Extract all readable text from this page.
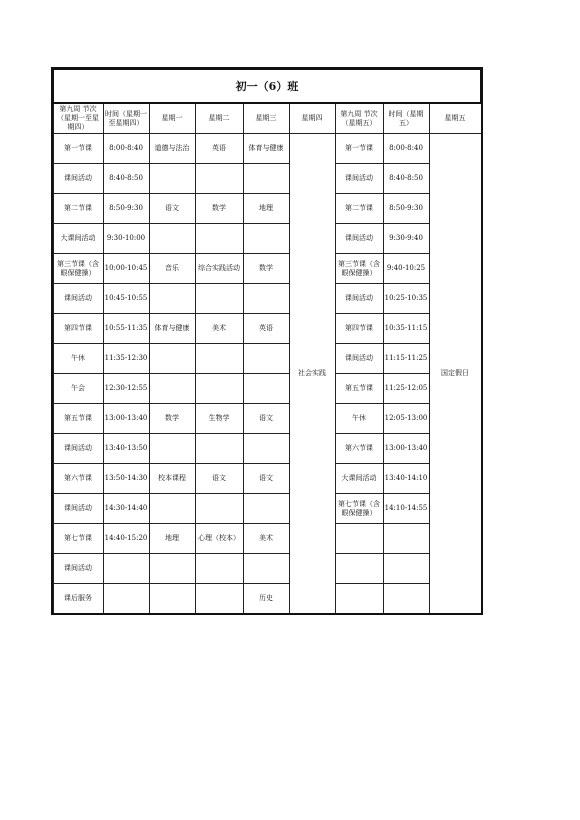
初一（6）班								
第九周 节次（星期一至星期四）	时间（星期一至星期四）	星期一	星期二	星期三	星期四	第九周 节次（星期五）	时间（星期五）	星期五
第一节课	8:00-8:40	道德与法治	英语	体育与健康	社会实践	第一节课	8:00-8:40	国定假日
课间活动	8:40-8:50					课间活动	8:40-8:50	
第二节课	8:50-9:30	语文	数学	地理		第二节课	8:50-9:30	
大课间活动	9:30-10:00					课间活动	9:30-9:40	
第三节课（含眼保健操）	10:00-10:45	音乐	综合实践活动	数学		第三节课（含眼保健操）	9:40-10:25	
课间活动	10:45-10:55					课间活动	10:25-10:35	
第四节课	10:55-11:35	体育与健康	美术	英语		第四节课	10:35-11:15	
午休	11:35-12:30					课间活动	11:15-11:25	
午会	12:30-12:55					第五节课	11:25-12:05	
第五节课	13:00-13:40	数学	生物学	语文		午休	12:05-13:00	
课间活动	13:40-13:50					第六节课	13:00-13:40	
第六节课	13:50-14:30	校本课程	语文	语文		大课间活动	13:40-14:10	
课间活动	14:30-14:40					第七节课（含眼保健操）	14:10-14:55	
第七节课	14:40-15:20	地理	心理（校本）	美术				
课间活动								
课后服务				历史				
